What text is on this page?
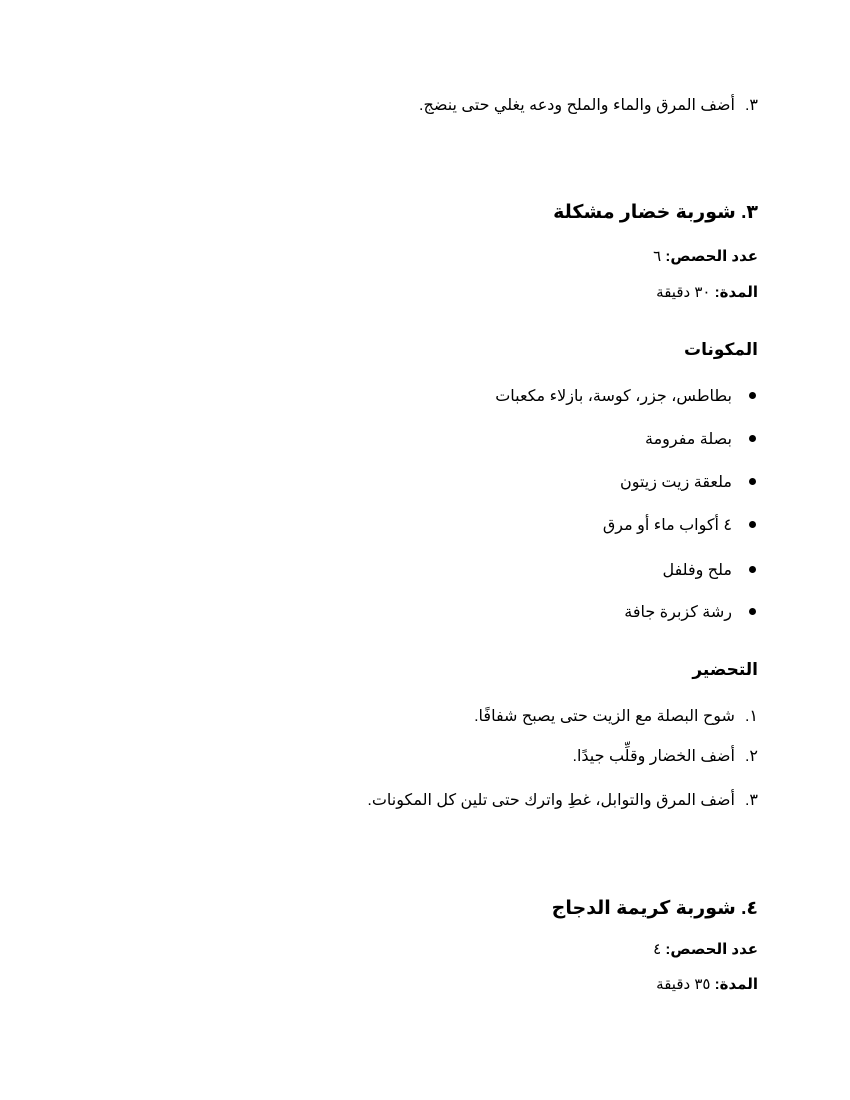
٣.أضف المرق والماء والملح ودعه يغلي حتى ينضج.
٣. شوربة خضار مشكلة
عدد الحصص: ٦
المدة: ٣٠ دقيقة
المكونات
بطاطس، جزر، كوسة، بازلاء مكعبات
بصلة مفرومة
ملعقة زيت زيتون
٤ أكواب ماء أو مرق
ملح وفلفل
رشة كزبرة جافة
التحضير
١.شوح البصلة مع الزيت حتى يصبح شفافًا.
٢.أضف الخضار وقلِّب جيدًا.
٣.أضف المرق والتوابل، غطِ واترك حتى تلين كل المكونات.
٤. شوربة كريمة الدجاج
عدد الحصص: ٤
المدة: ٣٥ دقيقة
